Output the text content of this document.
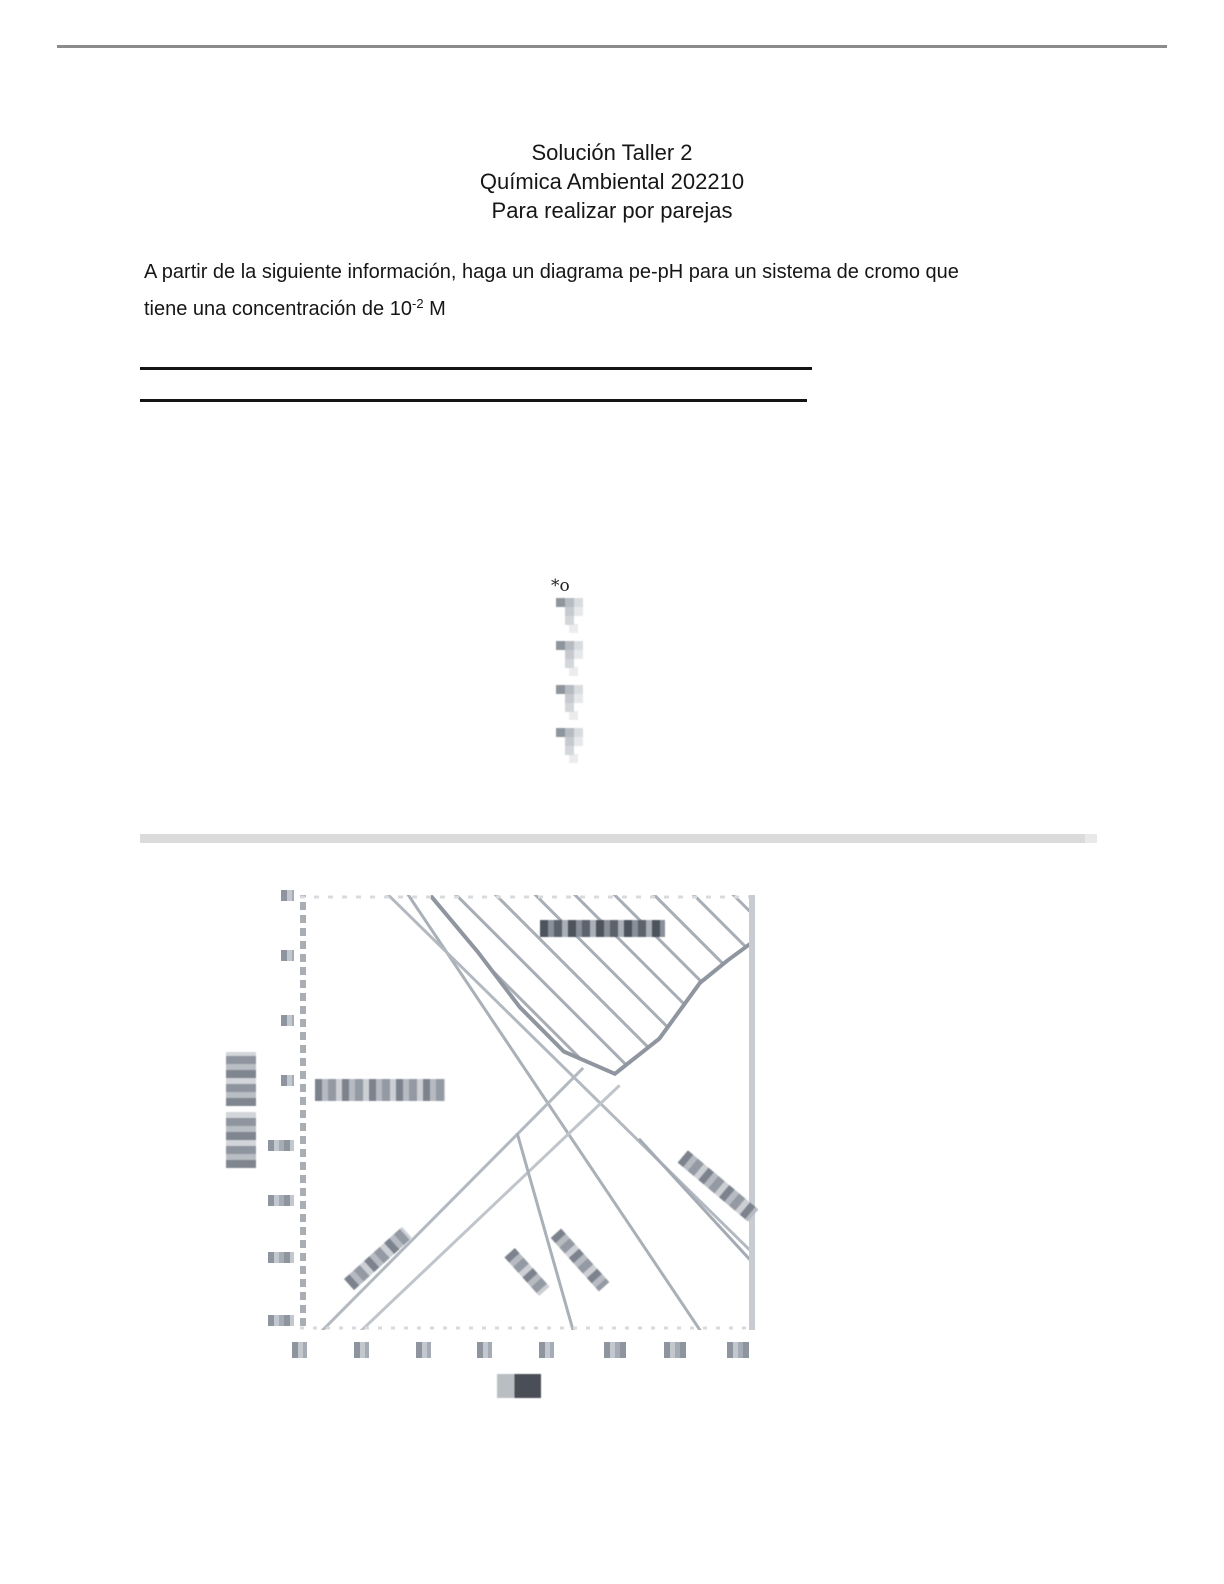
Solución Taller 2
Química Ambiental 202210
Para realizar por parejas
A partir de la siguiente información, haga un diagrama pe-pH para un sistema de cromo que
tiene una concentración de $10^{-2}$ M
*o
